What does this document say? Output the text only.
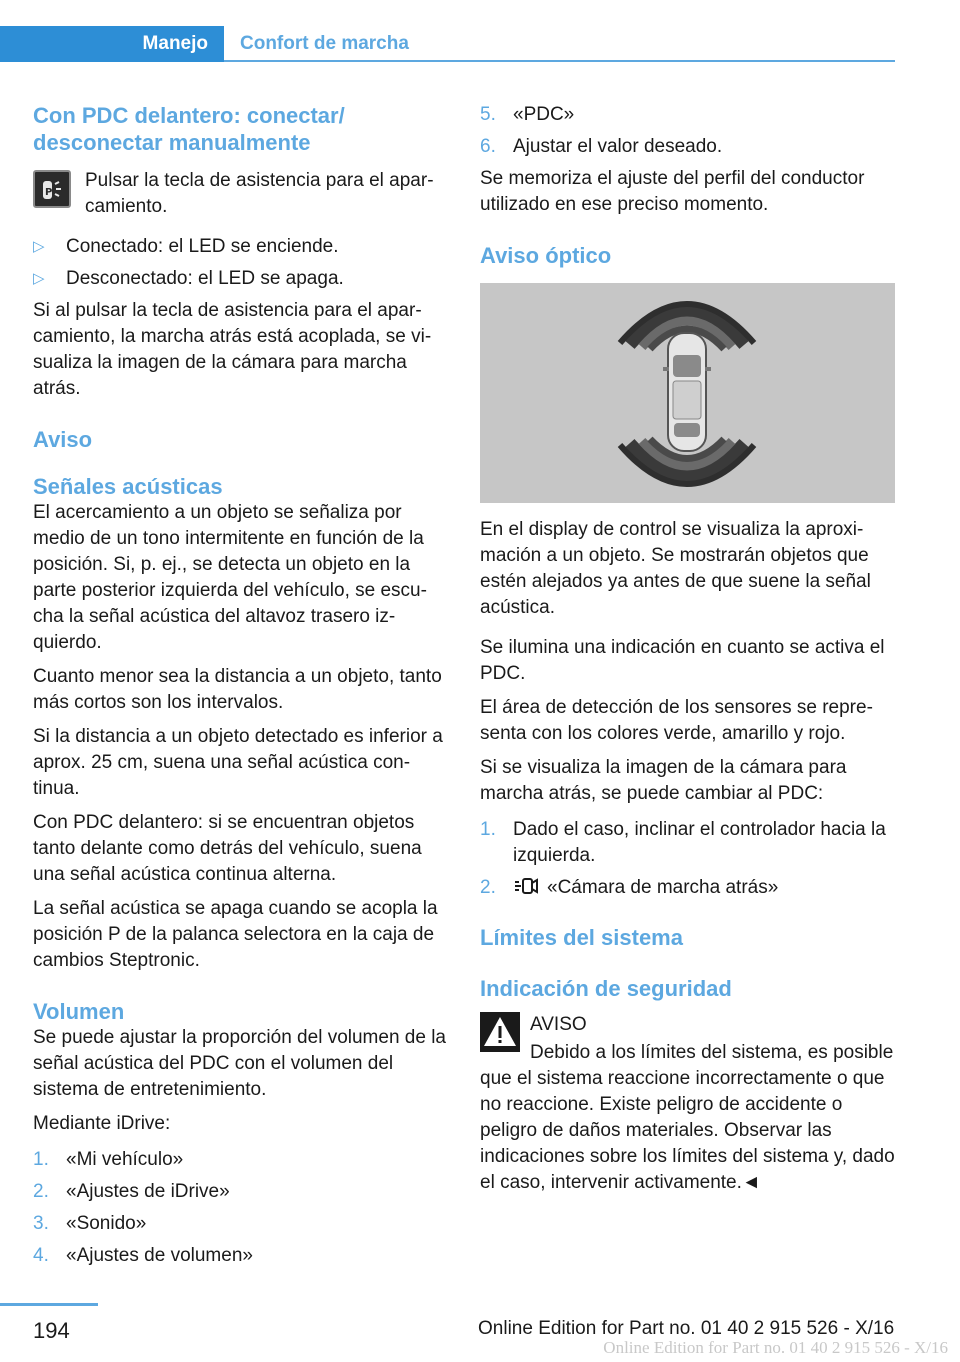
Manejo	Confort de marcha
Con PDC delantero: conectar/ desconectar manualmente
P
Pulsar la tecla de asistencia para el aparcamiento.
▷ Conectado: el LED se enciende.
▷ Desconectado: el LED se apaga.

Si al pulsar la tecla de asistencia para el aparcamiento, la marcha atrás está acoplada, se visualiza la imagen de la cámara para marcha atrás.

Aviso
Señales acústicas

El acercamiento a un objeto se señaliza por medio de un tono intermitente en función de la posición. Si, p. ej., se detecta un objeto en la parte posterior izquierda del vehículo, se escucha la señal acústica del altavoz trasero izquierdo.

Cuanto menor sea la distancia a un objeto, tanto más cortos son los intervalos.

Si la distancia a un objeto detectado es inferior a aprox. 25 cm, suena una señal acústica continua.

Con PDC delantero: si se encuentran objetos tanto delante como detrás del vehículo, suena una señal acústica continua alterna.

La señal acústica se apaga cuando se acopla la posición P de la palanca selectora en la caja de cambios Steptronic.

Volumen

Se puede ajustar la proporción del volumen de la señal acústica del PDC con el volumen del sistema de entretenimiento.

Mediante iDrive:

1. «Mi vehículo»
2. «Ajustes de iDrive»
3. «Sonido»
4. «Ajustes de volumen»
5. «PDC»
6. Ajustar el valor deseado.

Se memoriza el ajuste del perfil del conductor utilizado en ese preciso momento.

Aviso óptico

En el display de control se visualiza la aproximación a un objeto. Se mostrarán objetos que estén alejados ya antes de que suene la señal acústica.

Se ilumina una indicación en cuanto se activa el PDC.

El área de detección de los sensores se representa con los colores verde, amarillo y rojo.

Si se visualiza la imagen de la cámara para marcha atrás, se puede cambiar al PDC:

1. Dado el caso, inclinar el controlador hacia la izquierda.
2.	«Cámara de marcha atrás»
Límites del sistema
Indicación de seguridad
AVISO

Debido a los límites del sistema, es posible que el sistema reaccione incorrectamente o que no reaccione. Existe peligro de accidente o peligro de daños materiales. Observar las indicaciones sobre los límites del sistema y, dado el caso, intervenir activamente.◄

194	Online Edition for Part no. 01 40 2 915 526 - X/16
Online Edition for Part no. 01 40 2 915 526 - X/16
